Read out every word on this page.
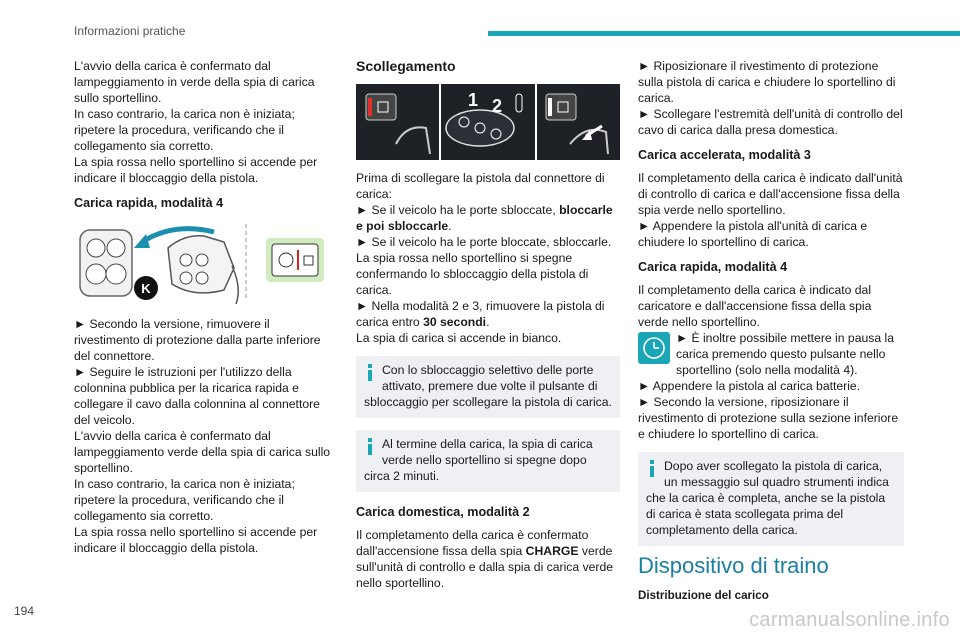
Informazioni pratiche

L'avvio della carica è confermato dal lampeggiamento in verde della spia di carica sullo sportellino.

In caso contrario, la carica non è iniziata; ripetere la procedura, verificando che il collegamento sia corretto.

La spia rossa nello sportellino si accende per indicare il bloccaggio della pistola.

Carica rapida, modalità 4
K

► Secondo la versione, rimuovere il rivestimento di protezione dalla parte inferiore del connettore.

► Seguire le istruzioni per l'utilizzo della colonnina pubblica per la ricarica rapida e collegare il cavo dalla colonnina al connettore del veicolo.

L'avvio della carica è confermato dal lampeggiamento verde della spia di carica sullo sportellino.

In caso contrario, la carica non è iniziata; ripetere la procedura, verificando che il collegamento sia corretto.

La spia rossa nello sportellino si accende per indicare il bloccaggio della pistola.

Scollegamento
1 2

Prima di scollegare la pistola dal connettore di carica:

► Se il veicolo ha le porte sbloccate, bloccarle e poi sbloccarle.

► Se il veicolo ha le porte bloccate, sbloccarle.

La spia rossa nello sportellino si spegne confermando lo sbloccaggio della pistola di carica.

► Nella modalità 2 e 3, rimuovere la pistola di carica entro 30 secondi.

La spia di carica si accende in bianco.

Con lo sbloccaggio selettivo delle porte attivato, premere due volte il pulsante di sbloccaggio per scollegare la pistola di carica.
Al termine della carica, la spia di carica verde nello sportellino si spegne dopo circa 2 minuti.
Carica domestica, modalità 2

Il completamento della carica è confermato dall'accensione fissa della spia CHARGE verde sull'unità di controllo e dalla spia di carica verde nello sportellino.

► Riposizionare il rivestimento di protezione sulla pistola di carica e chiudere lo sportellino di carica.

► Scollegare l'estremità dell'unità di controllo del cavo di carica dalla presa domestica.

Carica accelerata, modalità 3

Il completamento della carica è indicato dall'unità di controllo di carica e dall'accensione fissa della spia verde nello sportellino.

► Appendere la pistola all'unità di carica e chiudere lo sportellino di carica.

Carica rapida, modalità 4

Il completamento della carica è indicato dal caricatore e dall'accensione fissa della spia verde nello sportellino.

► È inoltre possibile mettere in pausa la carica premendo questo pulsante nello sportellino (solo nella modalità 4).

► Appendere la pistola al carica batterie.

► Secondo la versione, riposizionare il rivestimento di protezione sulla sezione inferiore e chiudere lo sportellino di carica.

Dopo aver scollegato la pistola di carica, un messaggio sul quadro strumenti indica che la carica è completa, anche se la pistola di carica è stata scollegata prima del completamento della carica.
Dispositivo di traino
Distribuzione del carico
194	carmanualsonline.info
